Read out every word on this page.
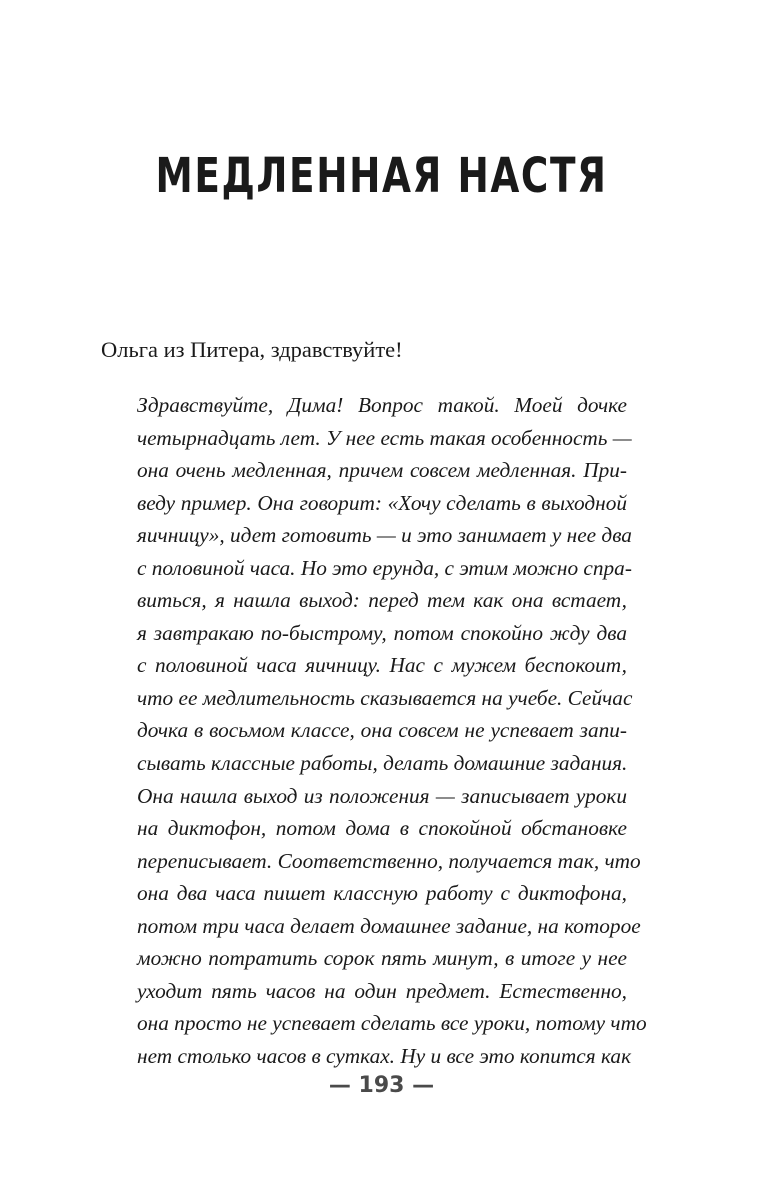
МЕДЛЕННАЯ НАСТЯ
Ольга из Питера, здравствуйте!
Здравствуйте, Дима! Вопрос такой. Моей дочке
четырнадцать лет. У нее есть такая особенность —
она очень медленная, причем совсем медленная. При-
веду пример. Она говорит: «Хочу сделать в выходной
яичницу», идет готовить — и это занимает у нее два
с половиной часа. Но это ерунда, с этим можно спра-
виться, я нашла выход: перед тем как она встает,
я завтракаю по-быстрому, потом спокойно жду два
с половиной часа яичницу. Нас с мужем беспокоит,
что ее медлительность сказывается на учебе. Сейчас
дочка в восьмом классе, она совсем не успевает запи-
сывать классные работы, делать домашние задания.
Она нашла выход из положения — записывает уроки
на диктофон, потом дома в спокойной обстановке
переписывает. Соответственно, получается так, что
она два часа пишет классную работу с диктофона,
потом три часа делает домашнее задание, на которое
можно потратить сорок пять минут, в итоге у нее
уходит пять часов на один предмет. Естественно,
она просто не успевает сделать все уроки, потому что
нет столько часов в сутках. Ну и все это копится как
— 193 —
